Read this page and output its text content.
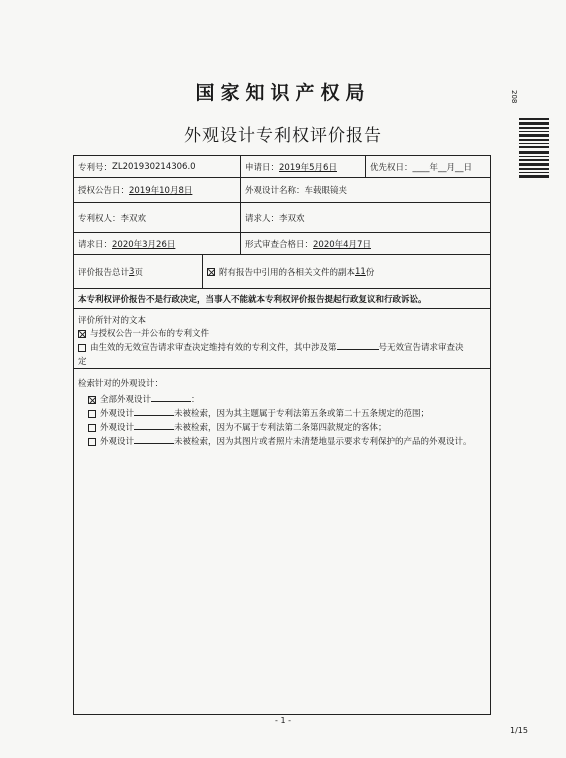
国家知识产权局
外观设计专利权评价报告
208
专利号： ZL201930214306.0	申请日： 2019年5月6日	优先权日： ____年__月__日
授权公告日： 2019年10月8日	外观设计名称： 车载眼镜夹
专利权人： 李双欢	请求人： 李双欢
请求日： 2020年3月26日	形式审查合格日： 2020年4月7日
评价报告总计 3 页	附有报告中引用的各相关文件的副本 11 份
本专利权评价报告不是行政决定，当事人不能就本专利权评价报告提起行政复议和行政诉讼。
评价所针对的文本
与授权公告一并公布的专利文件
由生效的无效宣告请求审查决定维持有效的专利文件，其中涉及第	号无效宣告请求审查决
定
检索针对的外观设计：
全部外观设计	：
外观设计	未被检索，因为其主题属于专利法第五条或第二十五条规定的范围；
外观设计	未被检索，因为不属于专利法第二条第四款规定的客体；
外观设计	未被检索，因为其图片或者照片未清楚地显示要求专利保护的产品的外观设计。
- 1 -
1/15
